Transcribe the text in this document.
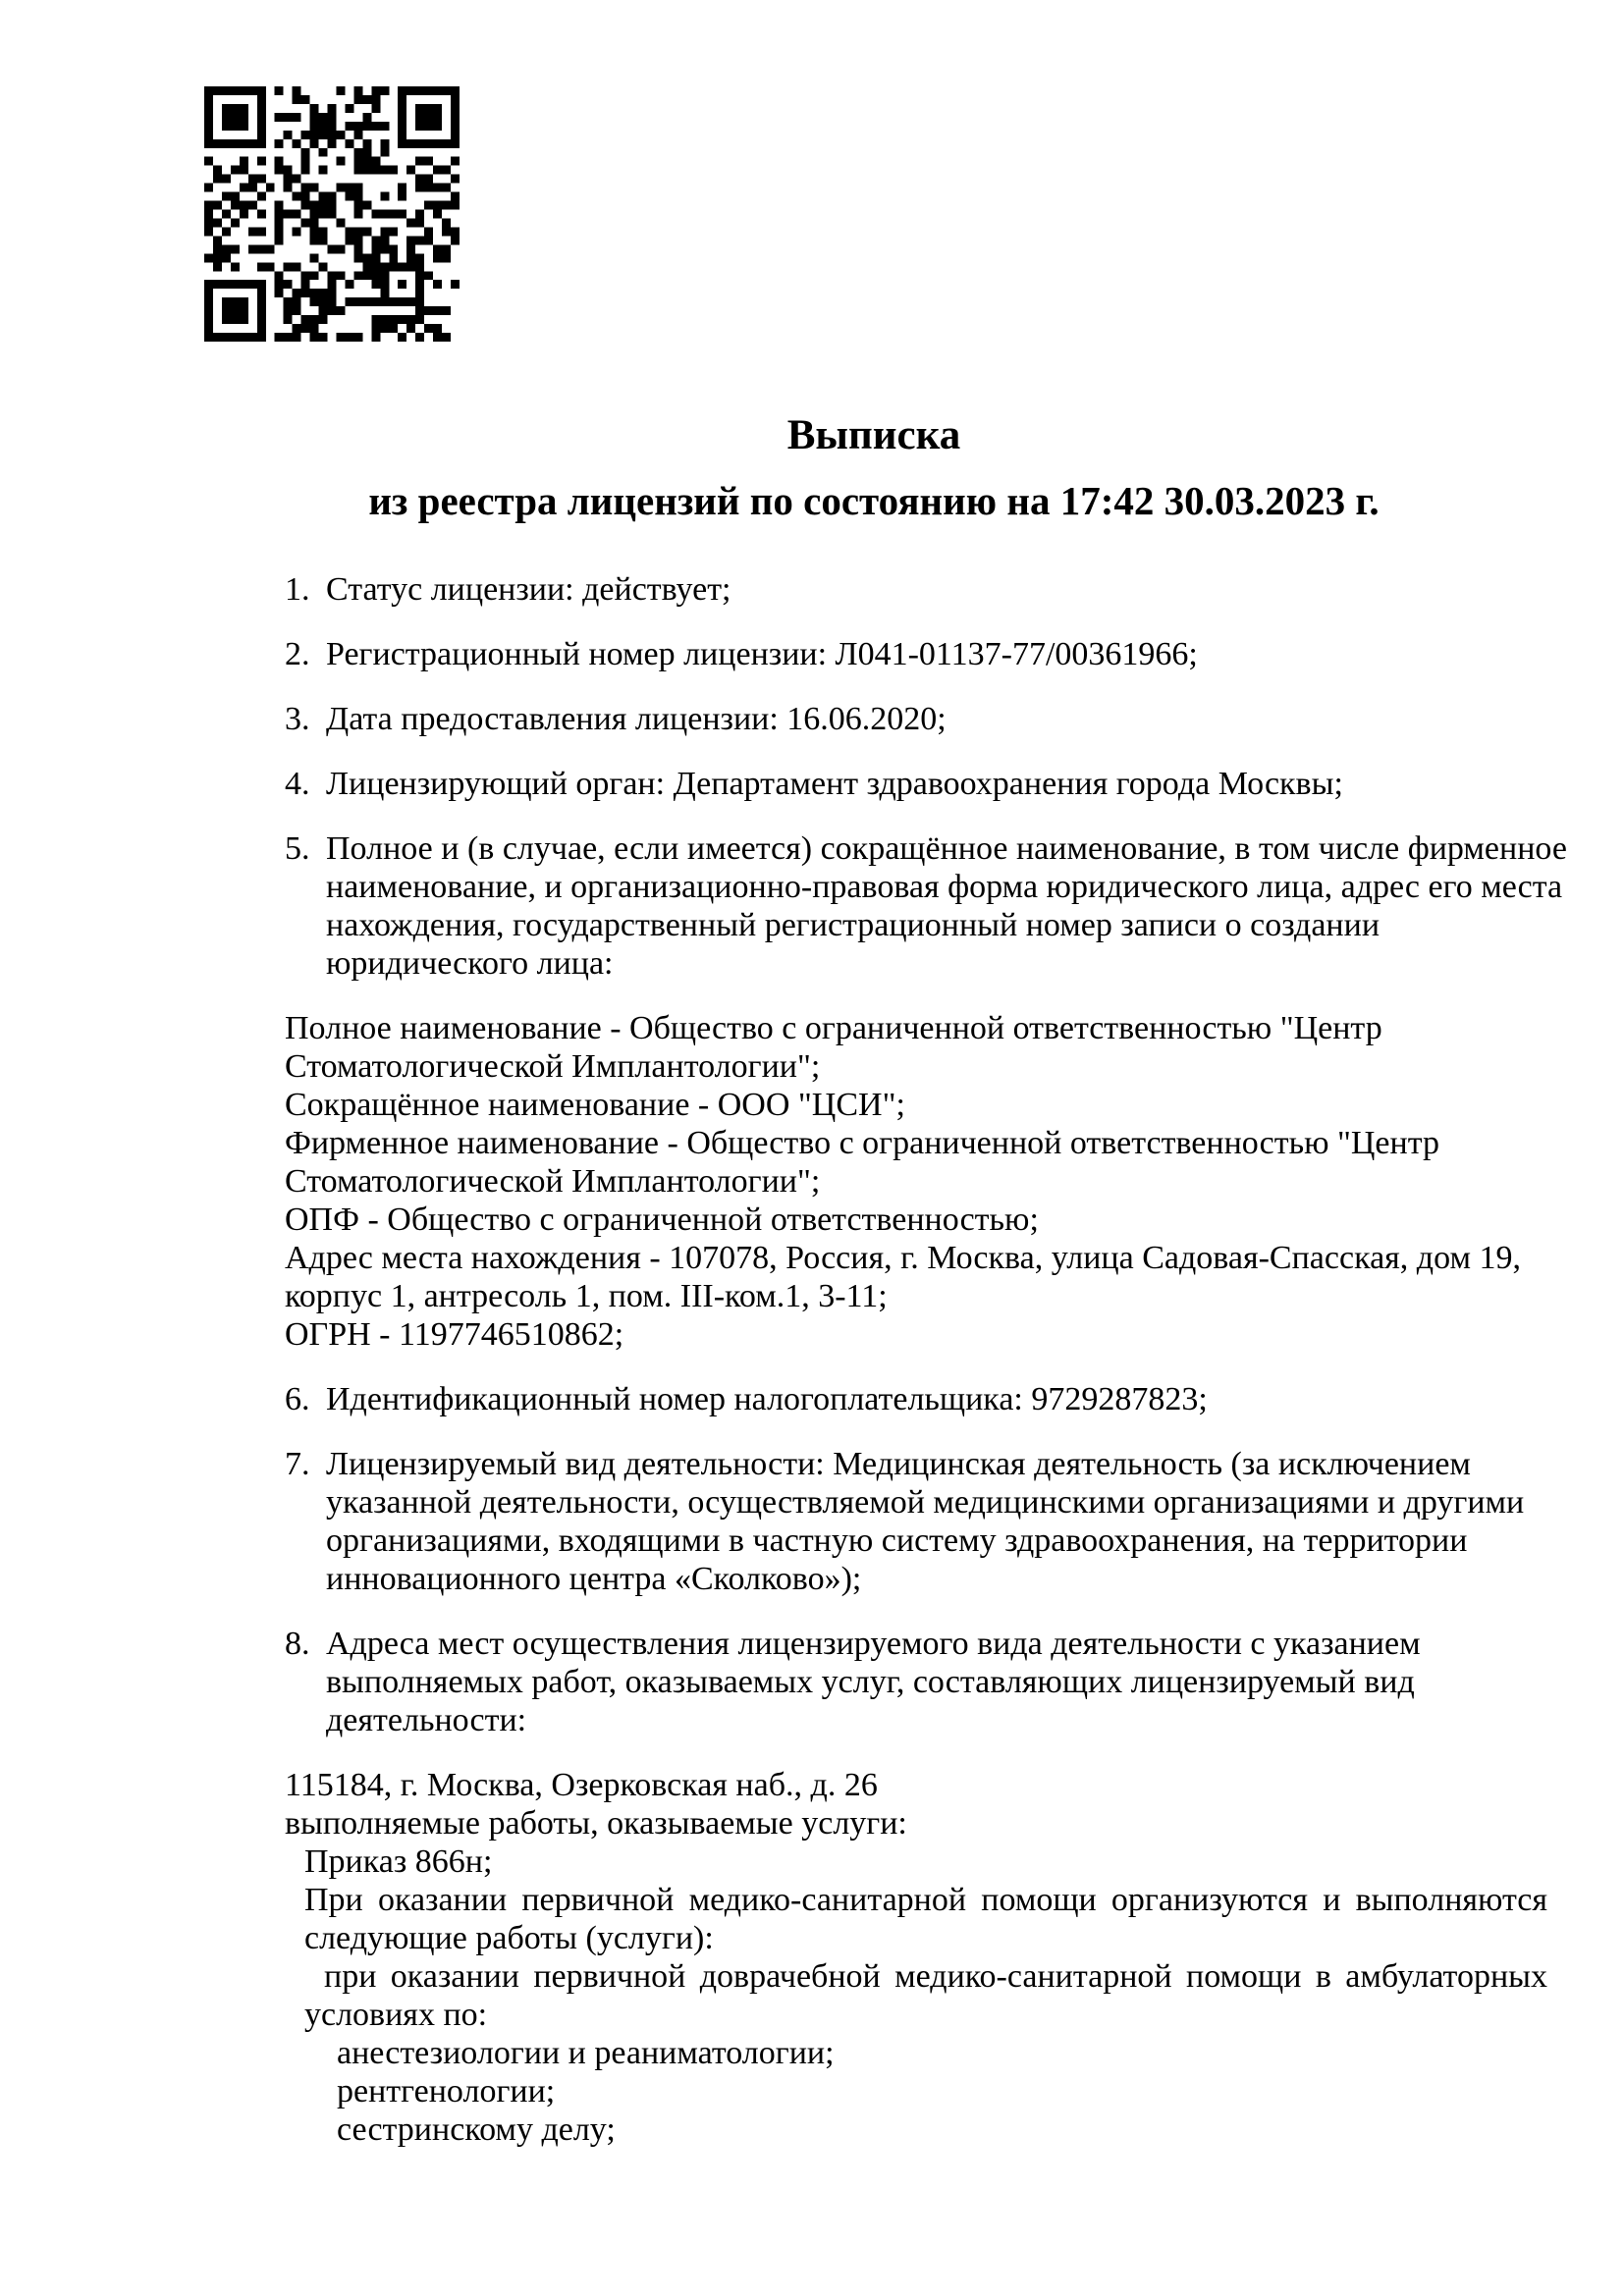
Выписка
из реестра лицензий по состоянию на 17:42 30.03.2023 г.
1. Статус лицензии: действует;
2. Регистрационный номер лицензии: Л041-01137-77/00361966;
3. Дата предоставления лицензии: 16.06.2020;
4. Лицензирующий орган: Департамент здравоохранения города Москвы;
5. Полное и (в случае, если имеется) сокращённое наименование, в том числе фирменное
наименование, и организационно-правовая форма юридического лица, адрес его места
нахождения, государственный регистрационный номер записи о создании
юридического лица:
Полное наименование - Общество с ограниченной ответственностью "Центр
Стоматологической Имплантологии";
Сокращённое наименование - ООО "ЦСИ";
Фирменное наименование - Общество с ограниченной ответственностью "Центр
Стоматологической Имплантологии";
ОПФ - Общество с ограниченной ответственностью;
Адрес места нахождения - 107078, Россия, г. Москва, улица Садовая-Спасская, дом 19,
корпус 1, антресоль 1, пом. III-ком.1, 3-11;
ОГРН - 1197746510862;
6. Идентификационный номер налогоплательщика: 9729287823;
7. Лицензируемый вид деятельности: Медицинская деятельность (за исключением
указанной деятельности, осуществляемой медицинскими организациями и другими
организациями, входящими в частную систему здравоохранения, на территории
инновационного центра «Сколково»);
8. Адреса мест осуществления лицензируемого вида деятельности с указанием
выполняемых работ, оказываемых услуг, составляющих лицензируемый вид
деятельности:
115184, г. Москва, Озерковская наб., д. 26
выполняемые работы, оказываемые услуги:
Приказ 866н;
При оказании первичной медико-санитарной помощи организуются и выполняются
следующие работы (услуги):
при оказании первичной доврачебной медико-санитарной помощи в амбулаторных
условиях по:
анестезиологии и реаниматологии;
рентгенологии;
сестринскому делу;
